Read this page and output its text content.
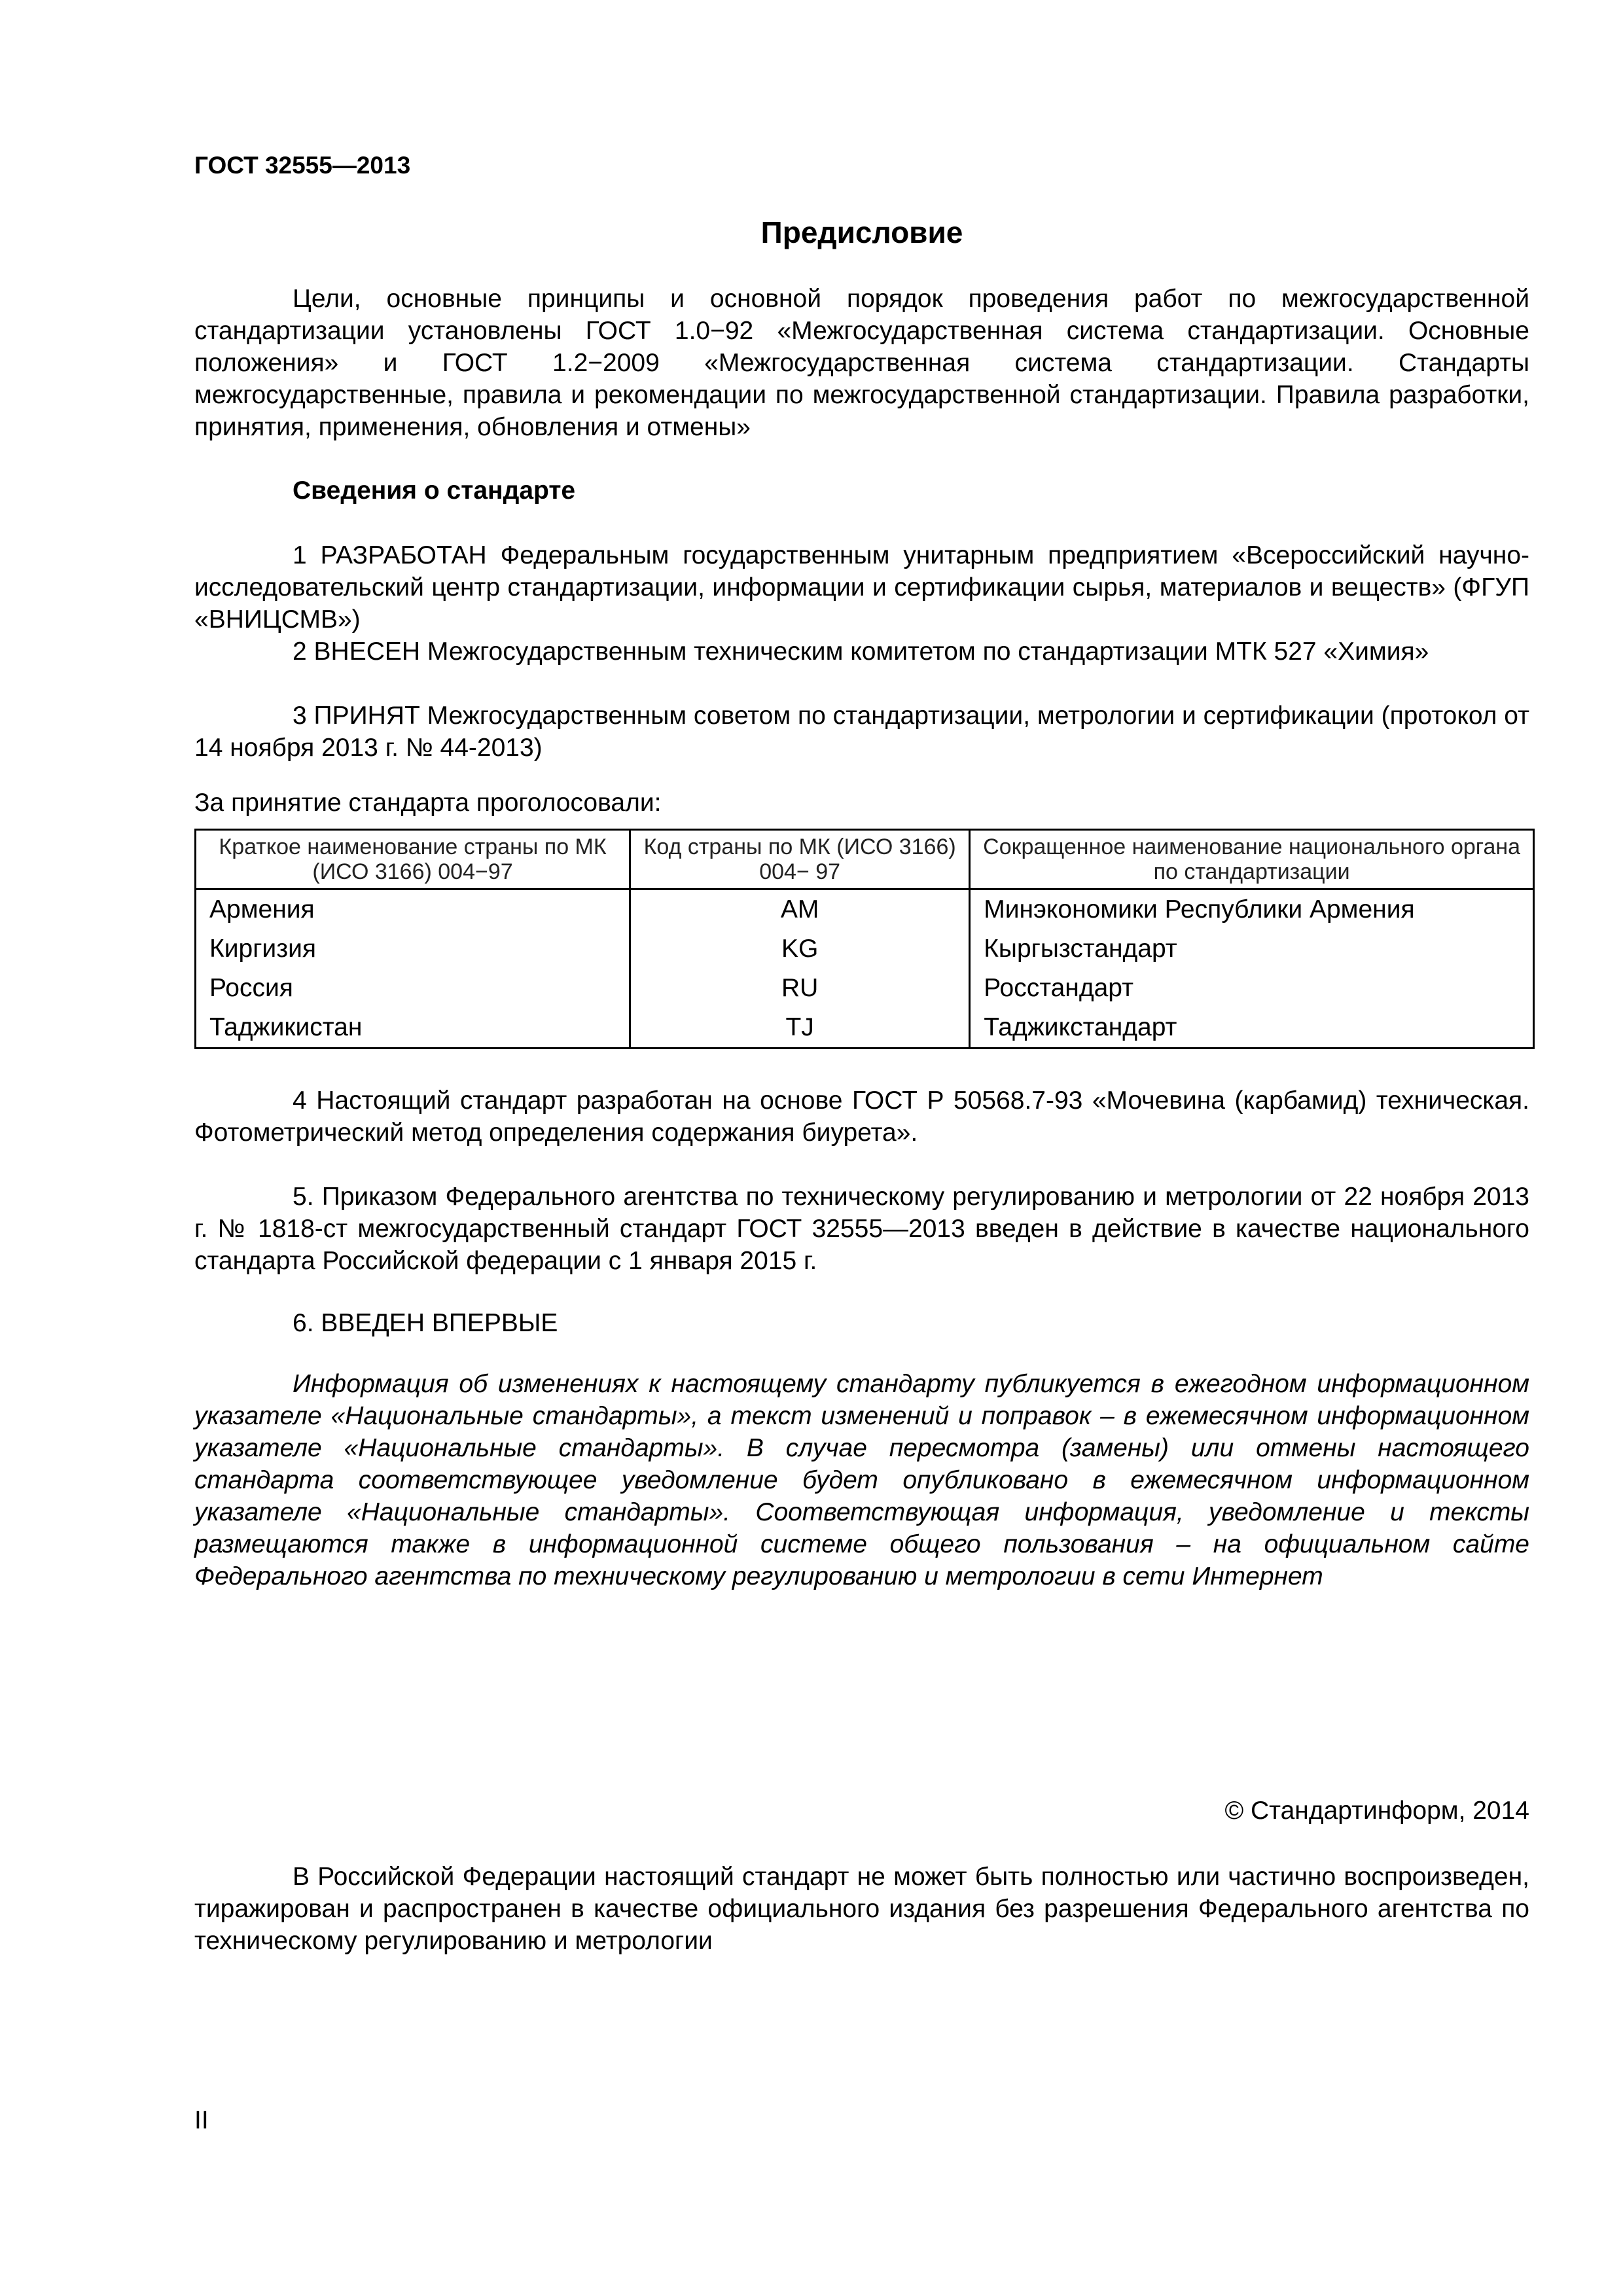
ГОСТ 32555—2013
Предисловие
Цели, основные принципы и основной порядок проведения работ по межгосударственной стандартизации установлены ГОСТ 1.0−92 «Межгосударственная система стандартизации. Основные положения» и ГОСТ 1.2−2009 «Межгосударственная система стандартизации. Стандарты межгосударственные, правила и рекомендации по межгосударственной стандартизации. Правила разработки, принятия, применения, обновления и отмены»
Сведения о стандарте
1 РАЗРАБОТАН Федеральным государственным унитарным предприятием «Всероссийский научно-исследовательский центр стандартизации, информации и сертификации сырья, материалов и веществ» (ФГУП «ВНИЦСМВ»)
2 ВНЕСЕН Межгосударственным техническим комитетом по стандартизации МТК 527 «Химия»
3 ПРИНЯТ Межгосударственным советом по стандартизации, метрологии и сертификации (протокол от 14 ноября 2013 г. № 44-2013)
За принятие стандарта проголосовали:
Краткое наименование страны по МК (ИСО 3166) 004−97	Код страны по МК (ИСО 3166) 004− 97	Сокращенное наименование национального органа по стандартизации
Армения	AM	Минэкономики Республики Армения
Киргизия	KG	Кыргызстандарт
Россия	RU	Росстандарт
Таджикистан	TJ	Таджикстандарт
4 Настоящий стандарт разработан на основе ГОСТ Р 50568.7-93 «Мочевина (карбамид) техническая. Фотометрический метод определения содержания биурета».
5. Приказом Федерального агентства по техническому регулированию и метрологии от 22 ноября 2013 г. № 1818-ст межгосударственный стандарт ГОСТ 32555—2013 введен в действие в качестве национального стандарта Российской федерации с 1 января 2015 г.
6. ВВЕДЕН ВПЕРВЫЕ
Информация об изменениях к настоящему стандарту публикуется в ежегодном информационном указателе «Национальные стандарты», а текст изменений и поправок – в ежемесячном информационном указателе «Национальные стандарты». В случае пересмотра (замены) или отмены настоящего стандарта соответствующее уведомление будет опубликовано в ежемесячном информационном указателе «Национальные стандарты». Соответствующая информация, уведомление и тексты размещаются также в информационной системе общего пользования – на официальном сайте Федерального агентства по техническому регулированию и метрологии в сети Интернет
© Стандартинформ, 2014
В Российской Федерации настоящий стандарт не может быть полностью или частично воспроизведен, тиражирован и распространен в качестве официального издания без разрешения Федерального агентства по техническому регулированию и метрологии
II
